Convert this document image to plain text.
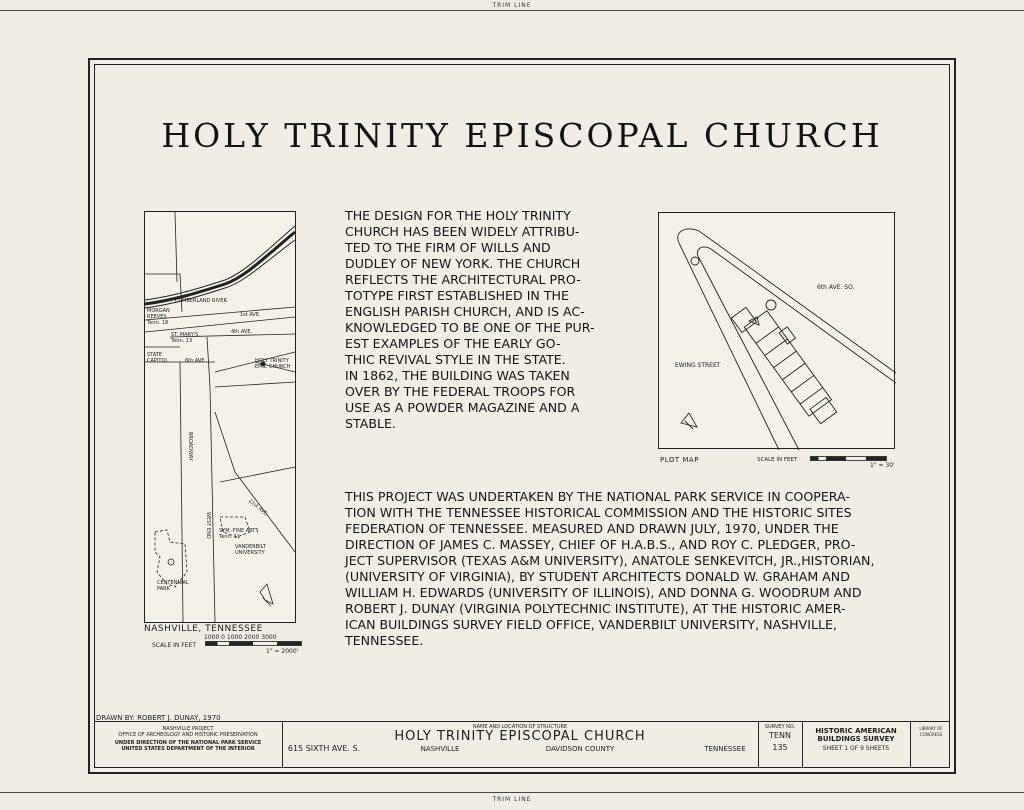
TRIM LINE
TRIM LINE
HOLY TRINITY EPISCOPAL CHURCH
THE DESIGN FOR THE HOLY TRINITY
CHURCH HAS BEEN WIDELY ATTRIBU-
TED TO THE FIRM OF WILLS AND
DUDLEY OF NEW YORK. THE CHURCH
REFLECTS THE ARCHITECTURAL PRO-
TOTYPE FIRST ESTABLISHED IN THE
ENGLISH PARISH CHURCH, AND IS AC-
KNOWLEDGED TO BE ONE OF THE PUR-
EST EXAMPLES OF THE EARLY GO-
THIC REVIVAL STYLE IN THE STATE.
IN 1862, THE BUILDING WAS TAKEN
OVER BY THE FEDERAL TROOPS FOR
USE AS A POWDER MAGAZINE AND A
STABLE.
THIS PROJECT WAS UNDERTAKEN BY THE NATIONAL PARK SERVICE IN COOPERA-
TION WITH THE TENNESSEE HISTORICAL COMMISSION AND THE HISTORIC SITES
FEDERATION OF TENNESSEE. MEASURED AND DRAWN JULY, 1970, UNDER THE
DIRECTION OF JAMES C. MASSEY, CHIEF OF H.A.B.S., AND ROY C. PLEDGER, PRO-
JECT SUPERVISOR (TEXAS A&M UNIVERSITY), ANATOLE SENKEVITCH, JR.,HISTORIAN,
(UNIVERSITY OF VIRGINIA), BY STUDENT ARCHITECTS DONALD W. GRAHAM AND
WILLIAM H. EDWARDS (UNIVERSITY OF ILLINOIS), AND DONNA G. WOODRUM AND
ROBERT J. DUNAY (VIRGINIA POLYTECHNIC INSTITUTE), AT THE HISTORIC AMER-
ICAN BUILDINGS SURVEY FIELD OFFICE, VANDERBILT UNIVERSITY, NASHVILLE,
TENNESSEE.
CUMBERLAND RIVER
MORGAN REEVES Tenn. 18
1st AVE.
ST. MARY'S Tenn. 13
4th AVE.
STATE CAPITOL	6th AVE.	HOLY TRINITY EPIS. CHURCH
BROADWAY
WEST END
21st AVE.
SYM.-FINE ARTS Tenn. 11
VANDERBILT UNIVERSITY
CENTENNIAL PARK
NASHVILLE, TENNESSEE
1000 0 1000 2000 3000
SCALE IN FEET
1" = 2000'
6th AVE. SO.
EWING STREET
PLOT MAP	SCALE IN FEET
1" = 30'
DRAWN BY: ROBERT J. DUNAY, 1970
NASHVILLE PROJECT
OFFICE OF ARCHEOLOGY AND HISTORIC PRESERVATION
UNDER DIRECTION OF THE NATIONAL PARK SERVICE
UNITED STATES DEPARTMENT OF THE INTERIOR	615 SIXTH AVE. S.
NAME AND LOCATION OF STRUCTURE
HOLY TRINITY EPISCOPAL CHURCH
NASHVILLE	DAVIDSON COUNTY	TENNESSEE
SURVEY NO.
TENN
135
HISTORIC AMERICAN
BUILDINGS SURVEY
SHEET 1 OF 9 SHEETS
LIBRARY OF CONGRESS
